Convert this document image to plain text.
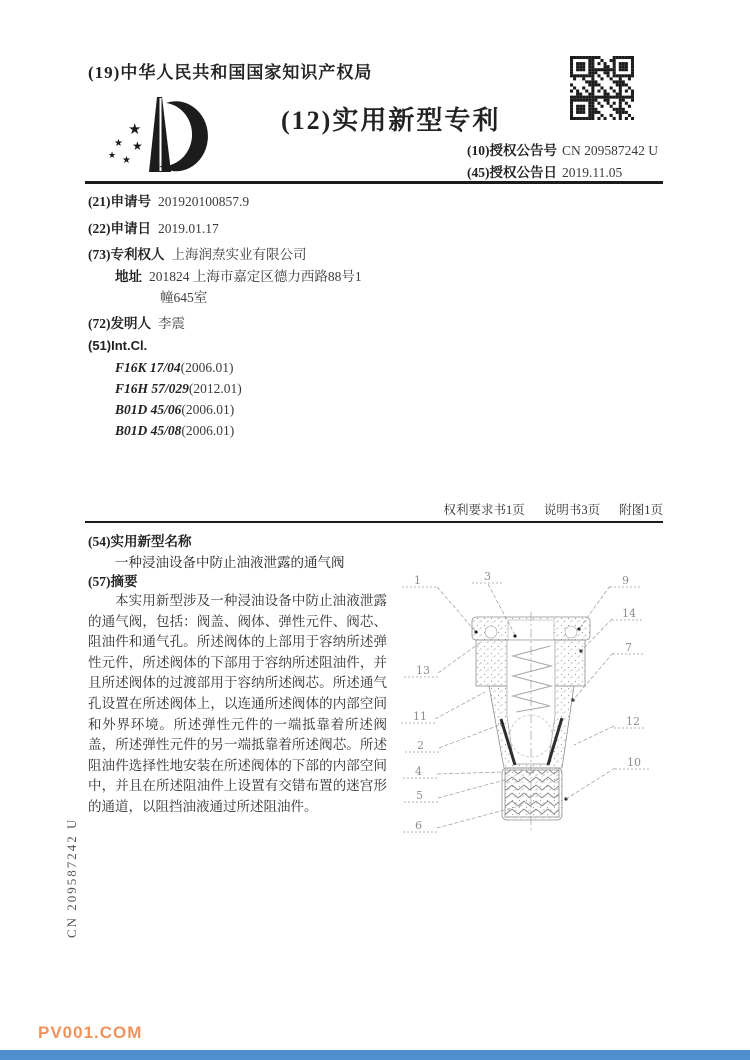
(19)中华人民共和国国家知识产权局
★
★ ★
★ ★
(12)实用新型专利
(10)授权公告号 CN 209587242 U
(45)授权公告日 2019.11.05
(21)申请号 201920100857.9
(22)申请日 2019.01.17
(73)专利权人 上海润焘实业有限公司
地址 201824 上海市嘉定区德力西路88号1
幢645室
(72)发明人 李震
(51)Int.Cl.
F16K 17/04(2006.01)
F16H 57/029(2012.01)
B01D 45/06(2006.01)
B01D 45/08(2006.01)
权利要求书1页 说明书3页 附图1页
(54)实用新型名称
一种浸油设备中防止油液泄露的通气阀
(57)摘要
本实用新型涉及一种浸油设备中防止油液泄露的通气阀，包括：阀盖、阀体、弹性元件、阀芯、阻油件和通气孔。所述阀体的上部用于容纳所述弹性元件，所述阀体的下部用于容纳所述阻油件，并且所述阀体的过渡部用于容纳所述阀芯。所述通气孔设置在所述阀体上，以连通所述阀体的内部空间和外界环境。所述弹性元件的一端抵靠着所述阀盖，所述弹性元件的另一端抵靠着所述阀芯。所述阻油件选择性地安装在所述阀体的下部的内部空间中，并且在所述阻油件上设置有交错布置的迷宫形的通道，以阻挡油液通过所述阻油件。
1	3	9
14
7
13
11	12
2
4
10
5
6
CN 209587242 U
PV001.COM
